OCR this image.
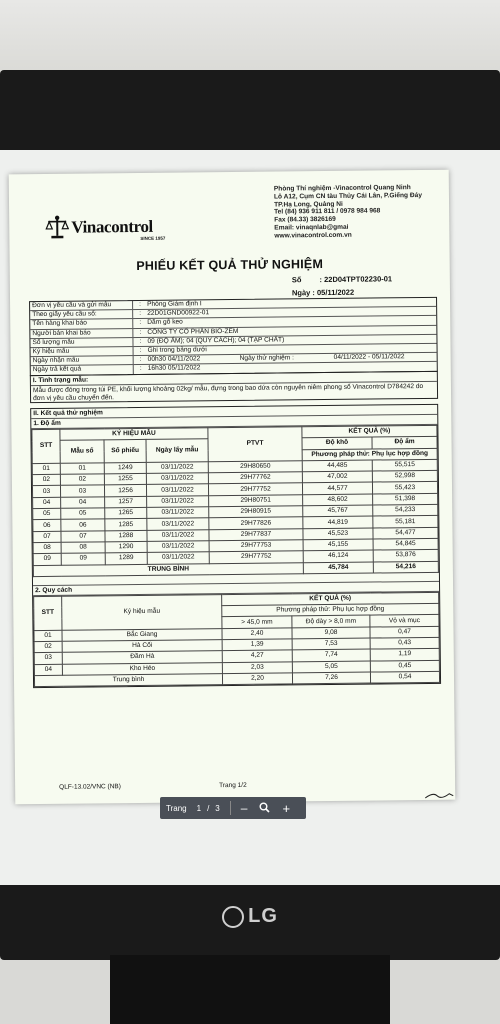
LG
Phòng Thí nghiệm -Vinacontrol Quang Ninh
Lô A12, Cụm CN tàu Thủy Cái Lân, P.Giếng Đáy
TP.Hạ Long, Quảng Ni
Tel (84) 936 911 811 / 0978 984 968
Fax (84.33) 3826169
Email: vinaqnlab@gmai
www.vinacontrol.com.vn
Vinacontrol
SINCE 1957
PHIẾU KẾT QUẢ THỬ NGHIỆM
Số : 22D04TPT02230-01
Ngày : 05/11/2022
Đơn vị yêu cầu và gửi mẫu	: Phòng Giám định I
Theo giấy yêu cầu số:	: 22D01GND00922-01
Tên hàng khai báo	: Dăm gỗ keo
Người bán khai báo	: CÔNG TY CỔ PHẦN BIO-ZEM
Số lượng mẫu	: 09 (ĐỘ ẨM); 04 (QUY CÁCH); 04 (TẠP CHẤT)
Ký hiệu mẫu	: Ghi trong bảng dưới
Ngày nhận mẫu	: 00h30 04/11/2022	Ngày thử nghiệm :	04/11/2022 - 05/11/2022
Ngày trả kết quả	: 16h30 05/11/2022
I. Tình trạng mẫu:
Mẫu được đóng trong túi PE, khối lượng khoảng 02kg/ mẫu, đựng trong bao dứa còn nguyên niêm phong số Vinacontrol D784242 do đơn vị yêu cầu chuyển đến.
II. Kết quả thử nghiệm
1. Độ ẩm
STT	KÝ HIỆU MẪU			PTVT	KẾT QUẢ (%)	
	Mẫu số	Số phiếu	Ngày lấy mẫu		Độ khô	Độ ẩm
					Phương pháp thử: Phụ lục hợp đồng	
01	01	1249	03/11/2022	29H80650	44,485	55,515
02	02	1255	03/11/2022	29H77762	47,002	52,998
03	03	1256	03/11/2022	29H77752	44,577	55,423
04	04	1257	03/11/2022	29H80751	48,602	51,398
05	05	1265	03/11/2022	29H80915	45,767	54,233
06	06	1285	03/11/2022	29H77826	44,819	55,181
07	07	1288	03/11/2022	29H77837	45,523	54,477
08	08	1290	03/11/2022	29H77753	45,155	54,845
09	09	1289	03/11/2022	29H77752	46,124	53,876
TRUNG BÌNH					45,784	54,216
2. Quy cách
STT	Ký hiệu mẫu	KẾT QUẢ (%)		
		Phương pháp thử: Phụ lục hợp đồng		
		> 45,0 mm	Độ dày > 8,0 mm	Vỏ và mục
01	Bắc Giang	2,40	9,08	0,47
02	Hà Cối	1,39	7,53	0,43
03	Đầm Hà	4,27	7,74	1,19
04	Kho Héo	2,03	5,05	0,45
Trung bình		2,20	7,26	0,54
QLF-13.02/VNC (NB)	Trang 1/2
Trang 1 / 3 –	+
